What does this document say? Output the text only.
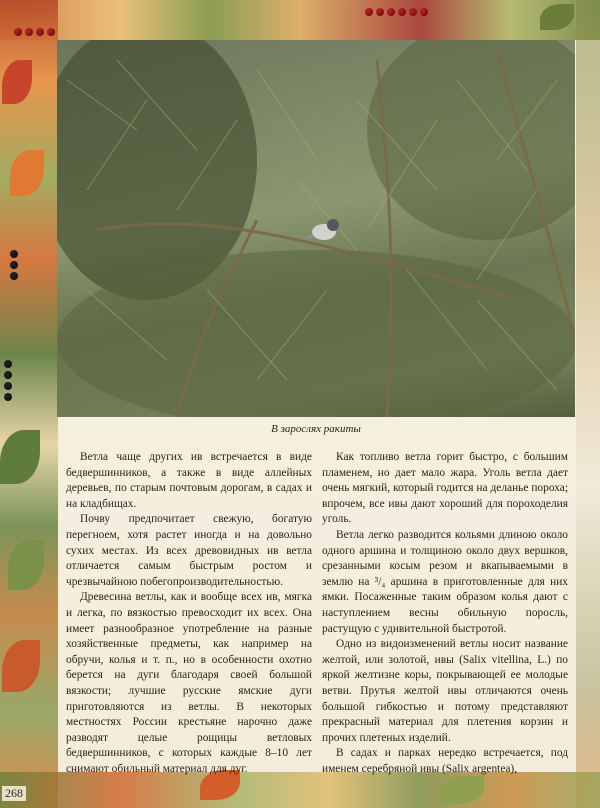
В зарослях ракиты

Ветла чаще других ив встречается в виде бедвершинников, а также в виде аллейных деревьев, по старым почтовым дорогам, в садах и на кладбищах.

Почву предпочитает свежую, богатую перегноем, хотя растет иногда и на довольно сухих местах. Из всех древовидных ив ветла отличается самым быстрым ростом и чрезвычайною побегопроизводительностью.

Древесина ветлы, как и вообще всех ив, мягка и легка, по вязкостью превосходит их всех. Она имеет разнообразное употребление на разные хозяйственные предметы, как например на обручи, колья и т. п., но в особенности охотно берется на дуги благодаря своей большой вязкости; лучшие русские ямские дуги приготовляются из ветлы. В некоторых местностях России крестьяне нарочно даже разводят целые рощицы ветловых бедвершинников, с которых каждые 8–10 лет снимают обильный материал для дуг.

Как топливо ветла горит быстро, с большим пламенем, но дает мало жара. Уголь ветла дает очень мягкий, который годится на деланье пороха; впрочем, все ивы дают хороший для пороходелия уголь.

Ветла легко разводится кольями длиною около одного аршина и толщиною около двух вершков, срезанными косым резом и вкапываемыми в землю на ³/₄ аршина в приготовленные для них ямки. Посаженные таким образом колья дают с наступлением весны обильную поросль, растущую с удивительной быстротой.

Одно из видоизменений ветлы носит название желтой, или золотой, ивы (Salix vitellina, L.) по яркой желтизне коры, покрывающей ее молодые ветви. Прутья желтой ивы отличаются очень большой гибкостью и потому представляют прекрасный материал для плетения корзин и прочих плетеных изделий.

В садах и парках нередко встречается, под именем серебряной ивы (Salix argentea),

268
